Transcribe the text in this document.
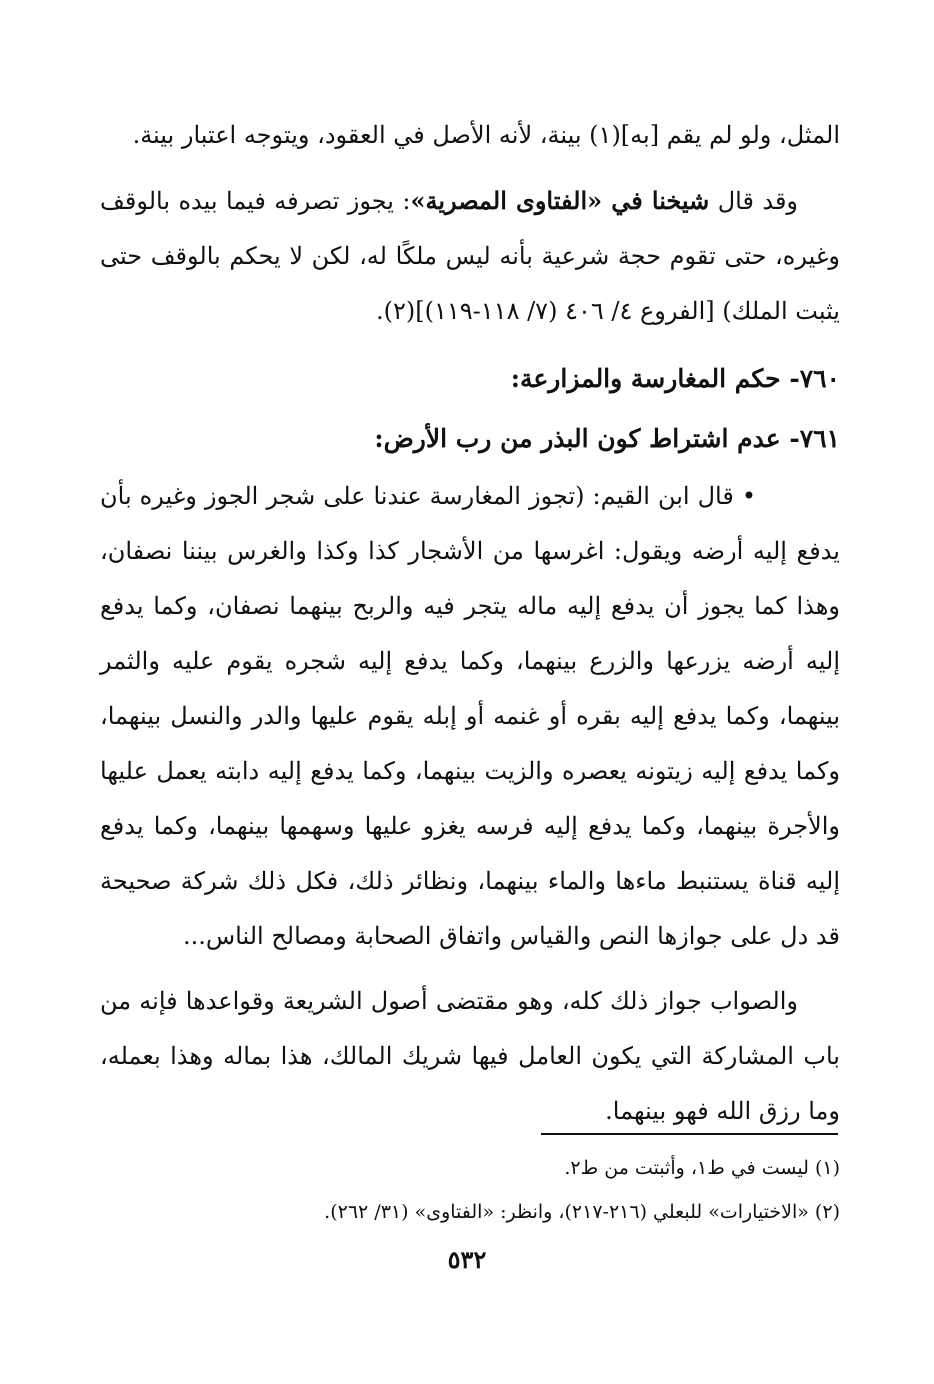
المثل، ولو لم يقم [به](١) بينة، لأنه الأصل في العقود، ويتوجه اعتبار بينة.

وقد قال شيخنا في «الفتاوى المصرية»: يجوز تصرفه فيما بيده بالوقف وغيره، حتى تقوم حجة شرعية بأنه ليس ملكًا له، لكن لا يحكم بالوقف حتى يثبت الملك) [الفروع ٤/ ٤٠٦ (٧/ ١١٨-١١٩)](٢).

٧٦٠- حكم المغارسة والمزارعة:
٧٦١- عدم اشتراط كون البذر من رب الأرض:

•قال ابن القيم: (تجوز المغارسة عندنا على شجر الجوز وغيره بأن يدفع إليه أرضه ويقول: اغرسها من الأشجار كذا وكذا والغرس بيننا نصفان، وهذا كما يجوز أن يدفع إليه ماله يتجر فيه والربح بينهما نصفان، وكما يدفع إليه أرضه يزرعها والزرع بينهما، وكما يدفع إليه شجره يقوم عليه والثمر بينهما، وكما يدفع إليه بقره أو غنمه أو إبله يقوم عليها والدر والنسل بينهما، وكما يدفع إليه زيتونه يعصره والزيت بينهما، وكما يدفع إليه دابته يعمل عليها والأجرة بينهما، وكما يدفع إليه فرسه يغزو عليها وسهمها بينهما، وكما يدفع إليه قناة يستنبط ماءها والماء بينهما، ونظائر ذلك، فكل ذلك شركة صحيحة قد دل على جوازها النص والقياس واتفاق الصحابة ومصالح الناس...

والصواب جواز ذلك كله، وهو مقتضى أصول الشريعة وقواعدها فإنه من باب المشاركة التي يكون العامل فيها شريك المالك، هذا بماله وهذا بعمله، وما رزق الله فهو بينهما.

(١) ليست في ط١، وأثبتت من ط٢.

(٢) «الاختيارات» للبعلي (٢١٦-٢١٧)، وانظر: «الفتاوى» (٣١/ ٢٦٢).

٥٣٢
